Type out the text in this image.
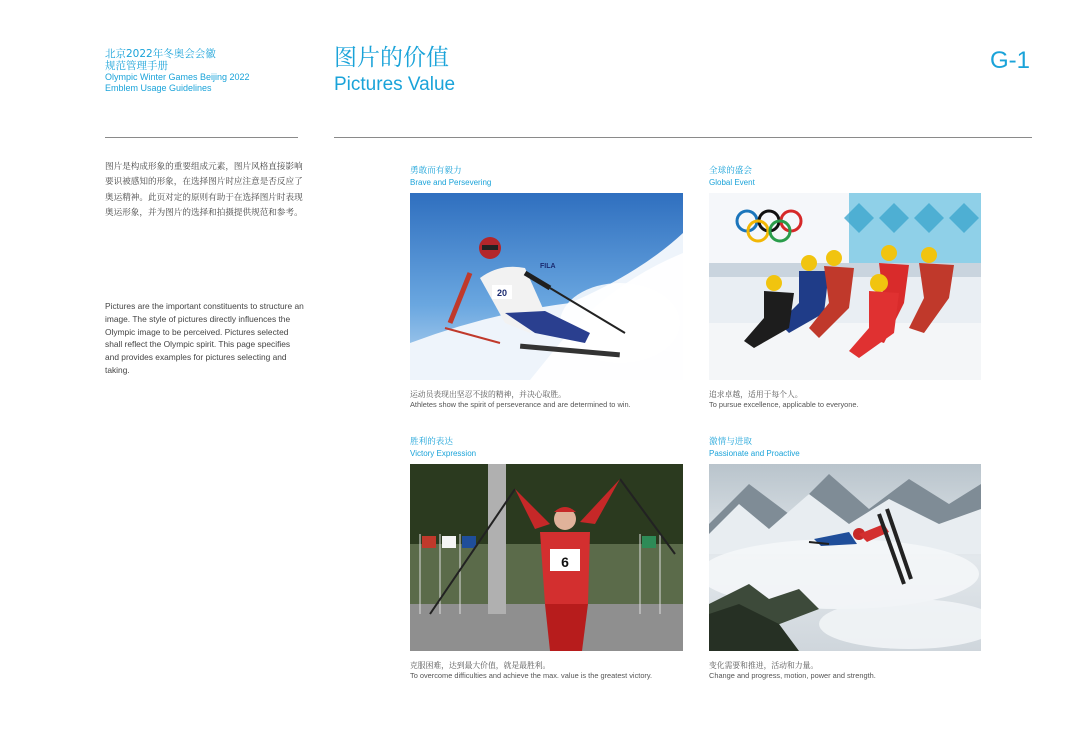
北京2022年冬奥会会徽
规范管理手册
Olympic Winter Games Beijing 2022
Emblem Usage Guidelines
图片的价值
Pictures Value
G-1
图片是构成形象的重要组成元素，图片风格直接影响要识被感知的形象，在选择图片时应注意是否反应了奥运精神。此页对定的原则有助于在选择图片时表现奥运形象，并为图片的选择和拍摄提供规范和参考。
Pictures are the important constituents to structure an image. The style of pictures directly influences the Olympic image to be perceived. Pictures selected shall reflect the Olympic spirit. This page specifies and provides examples for pictures selecting and taking.
勇敢而有毅力
Brave and Persevering
20
FILA
运动员表现出坚忍不拔的精神，并决心取胜。
Athletes show the spirit of perseverance and are determined to win.
全球的盛会
Global Event
追求卓越，适用于每个人。
To pursue excellence, applicable to everyone.
胜利的表达
Victory Expression
6
克服困难，达到最大价值，就是最胜利。
To overcome difficulties and achieve the max. value is the greatest victory.
激情与进取
Passionate and Proactive
变化需要和推进，活动和力量。
Change and progress, motion, power and strength.
